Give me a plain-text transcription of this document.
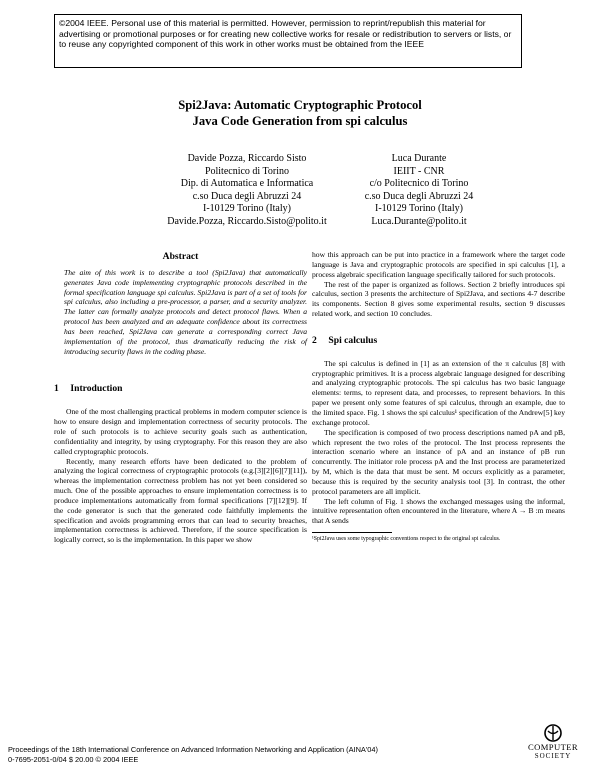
©2004 IEEE. Personal use of this material is permitted. However, permission to reprint/republish this material for advertising or promotional purposes or for creating new collective works for resale or redistribution to servers or lists, or to reuse any copyrighted component of this work in other works must be obtained from the IEEE
Spi2Java: Automatic Cryptographic Protocol
Java Code Generation from spi calculus
Davide Pozza, Riccardo Sisto
Politecnico di Torino
Dip. di Automatica e Informatica
c.so Duca degli Abruzzi 24
I-10129 Torino (Italy)
Davide.Pozza, Riccardo.Sisto@polito.it
Luca Durante
IEIIT - CNR
c/o Politecnico di Torino
c.so Duca degli Abruzzi 24
I-10129 Torino (Italy)
Luca.Durante@polito.it
Abstract
The aim of this work is to describe a tool (Spi2Java) that automatically generates Java code implementing cryptographic protocols described in the formal specification language spi calculus. Spi2Java is part of a set of tools for spi calculus, also including a pre-processor, a parser, and a security analyzer. The latter can formally analyze protocols and detect protocol flaws. When a protocol has been analyzed and an adequate confidence about its correctness has been reached, Spi2Java can generate a corresponding correct Java implementation of the protocol, thus dramatically reducing the risk of introducing security flaws in the coding phase.
1 Introduction

One of the most challenging practical problems in modern computer science is how to ensure design and implementation correctness of security protocols. The role of such protocols is to achieve security goals such as authentication, confidentiality and integrity, by using cryptography. For this reason they are also called cryptographic protocols.

Recently, many research efforts have been dedicated to the problem of analyzing the logical correctness of cryptographic protocols (e.g.[3][2][6][7][11]), whereas the implementation correctness problem has not yet been considered so much. One of the possible approaches to ensure implementation correctness is to produce implementations automatically from formal specifications [7][12][9]. If the code generator is such that the generated code faithfully implements the specification and avoids programming errors that can lead to security breaches, implementation correctness is achieved. Therefore, if the source specification is logically correct, so is the implementation. In this paper we show

how this approach can be put into practice in a framework where the target code language is Java and cryptographic protocols are specified in spi calculus [1], a process algebraic specification language specifically tailored for such protocols.

The rest of the paper is organized as follows. Section 2 briefly introduces spi calculus, section 3 presents the architecture of Spi2Java, and sections 4-7 describe its components. Section 8 gives some experimental results, section 9 discusses related work, and section 10 concludes.

2 Spi calculus

The spi calculus is defined in [1] as an extension of the π calculus [8] with cryptographic primitives. It is a process algebraic language designed for describing and analyzing cryptographic protocols. The spi calculus has two basic language elements: terms, to represent data, and processes, to represent behaviors. In this paper we present only some features of spi calculus, through an example, due to the limited space. Fig. 1 shows the spi calculus¹ specification of the Andrew[5] key exchange protocol.

The specification is composed of two process descriptions named pA and pB, which represent the two roles of the protocol. The Inst process represents the interaction scenario where an instance of pA and an instance of pB run concurrently. The initiator role process pA and the Inst process are parameterized by M, which is the data that must be sent. M occurs explicitly as a parameter, because this is required by the security analysis tool [3]. In contrast, the other protocol parameters are all implicit.

The left column of Fig. 1 shows the exchanged messages using the informal, intuitive representation often encountered in the literature, where A → B :m means that A sends

¹Spi2Java uses some typographic conventions respect to the original spi calculus.
Proceedings of the 18th International Conference on Advanced Information Networking and Application (AINA'04)
0-7695-2051-0/04 $ 20.00 © 2004 IEEE
COMPUTER
SOCIETY
